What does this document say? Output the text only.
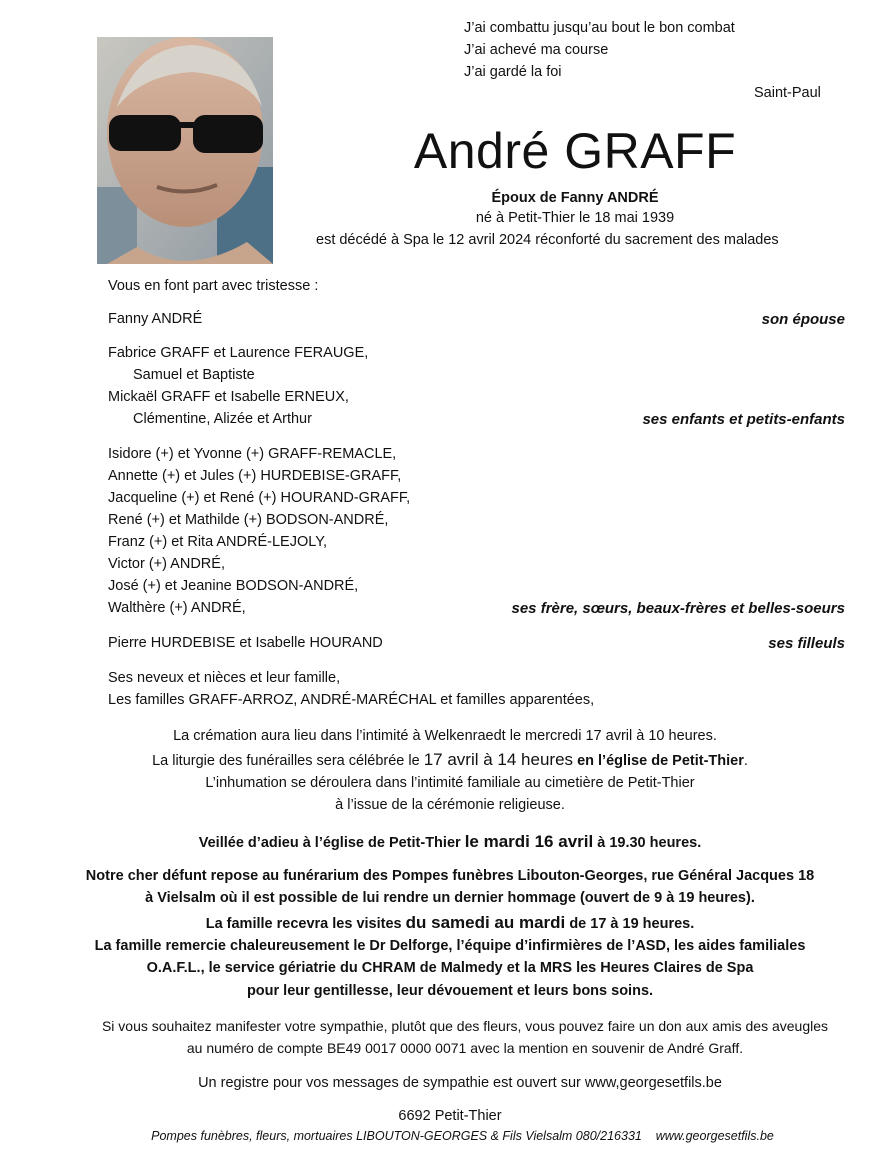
J’ai combattu jusqu’au bout le bon combat
J’ai achevé ma course
J’ai gardé la foi
Saint-Paul
André GRAFF
Époux de Fanny ANDRÉ
né à Petit-Thier le 18 mai 1939
est décédé à Spa le 12 avril 2024 réconforté du sacrement des malades
Vous en font part avec tristesse :
Fanny ANDRÉ	son épouse
Fabrice GRAFF et Laurence FERAUGE,
Samuel et Baptiste
Mickaël GRAFF et Isabelle ERNEUX,
Clémentine, Alizée et Arthur	ses enfants et petits-enfants
Isidore (+) et Yvonne (+) GRAFF-REMACLE,
Annette (+) et Jules (+) HURDEBISE-GRAFF,
Jacqueline (+) et René (+) HOURAND-GRAFF,
René (+) et Mathilde (+) BODSON-ANDRÉ,
Franz (+) et Rita ANDRÉ-LEJOLY,
Victor (+) ANDRÉ,
José (+) et Jeanine BODSON-ANDRÉ,
Walthère (+) ANDRÉ,	ses frère, sœurs, beaux-frères et belles-soeurs
Pierre HURDEBISE et Isabelle HOURAND	ses filleuls
Ses neveux et nièces et leur famille,
Les familles GRAFF-ARROZ, ANDRÉ-MARÉCHAL et familles apparentées,
La crémation aura lieu dans l’intimité à Welkenraedt le mercredi 17 avril à 10 heures.
La liturgie des funérailles sera célébrée le 17 avril à 14 heures en l’église de Petit-Thier.
L’inhumation se déroulera dans l’intimité familiale au cimetière de Petit-Thier
à l’issue de la cérémonie religieuse.
Veillée d’adieu à l’église de Petit-Thier le mardi 16 avril à 19.30 heures.
Notre cher défunt repose au funérarium des Pompes funèbres Libouton-Georges, rue Général Jacques 18
à Vielsalm où il est possible de lui rendre un dernier hommage (ouvert de 9 à 19 heures).
La famille recevra les visites du samedi au mardi de 17 à 19 heures.
La famille remercie chaleureusement le Dr Delforge, l’équipe d’infirmières de l’ASD, les aides familiales
O.A.F.L., le service gériatrie du CHRAM de Malmedy et la MRS les Heures Claires de Spa
pour leur gentillesse, leur dévouement et leurs bons soins.
Si vous souhaitez manifester votre sympathie, plutôt que des fleurs, vous pouvez faire un don aux amis des aveugles
au numéro de compte BE49 0017 0000 0071 avec la mention en souvenir de André Graff.
Un registre pour vos messages de sympathie est ouvert sur www,georgesetfils.be
6692 Petit-Thier
Pompes funèbres, fleurs, mortuaires LIBOUTON-GEORGES & Fils Vielsalm 080/216331    www.georgesetfils.be
